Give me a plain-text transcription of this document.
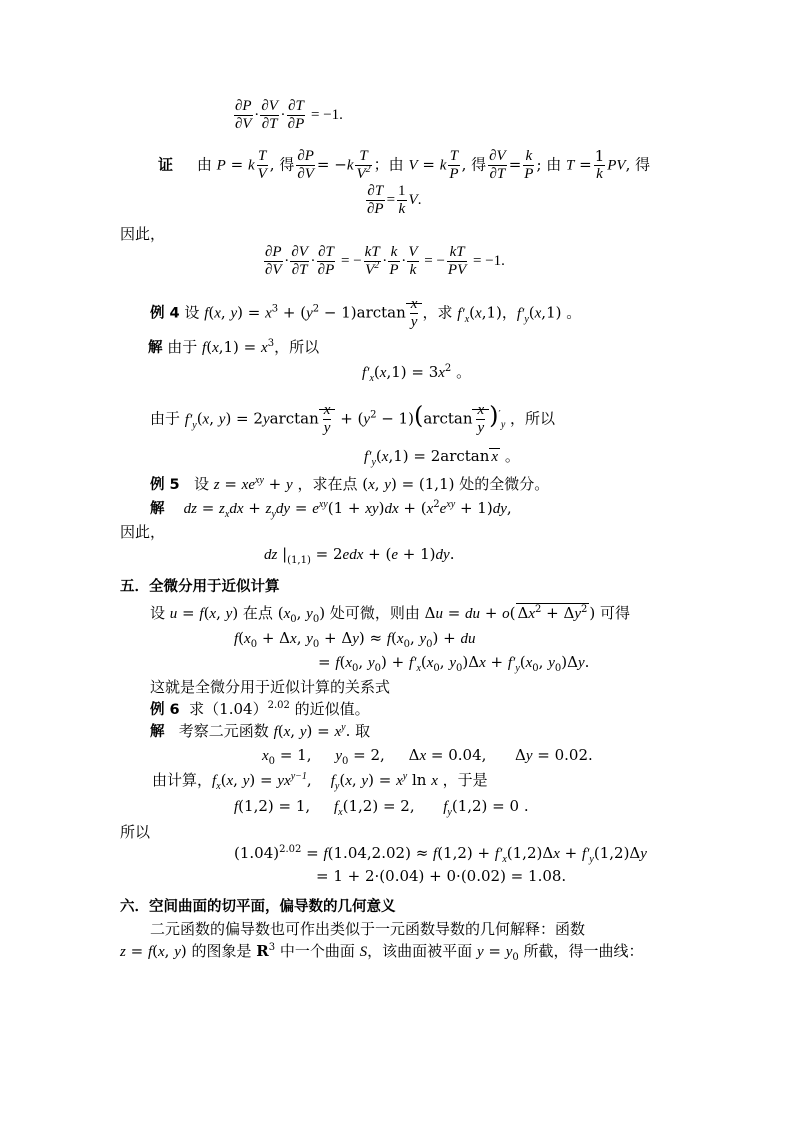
$\frac{\partial P}{\partial V} \cdot \frac{\partial V}{\partial T} \cdot \frac{\partial T}{\partial P} = -1$.
证     由 P = k $\frac{T}{V}$ , 得 $\frac{\partial P}{\partial V} = -k \frac{T}{V^2}$ ；由 V = k $\frac{T}{P}$ , 得 $\frac{\partial V}{\partial T} = \frac{k}{P}$ ; 由 $T = \frac{1}{k}$ PV, 得
$\frac{\partial T}{\partial P} = \frac{1}{k} V$.
因此，
$\frac{\partial P}{\partial V} \cdot \frac{\partial V}{\partial T} \cdot \frac{\partial T}{\partial P}$ = − $\frac{kT}{V^2} \cdot \frac{k}{P} \cdot \frac{V}{k}$ = − $\frac{kT}{PV} = -1$.
例 4 设 f(x, $y) = x^3 + (y^2 - 1)\arctan \frac{x}{y}$ ，求 $f'_x(x,1)$，$f'_y(x,1)$ 。
解 由于 $f(x,1) = x^3$，所以
$f'_x(x,1) = 3x^2$ 。
由于 $f'_y(x$, $y) = 2yarctan \frac{x}{y} + (y^2 - 1)(\arctan \frac{x}{y} )'_y$ ，所以
$f'_y(x,1) = 2\arctan$ x 。
例 5   设 $z = xe^{xy} + y$ ，求在点 (x, y) = (1,1) 处的全微分。
解 dz = $z_xdx + z_ydy = e^{xy}(1 + xy)dx + (x^2e^{xy} + 1)dy$,
因此，
dz $|_{(1,1)} = 2edx + (e + 1)dy$.
五．全微分用于近似计算
设 u = f(x, y) 在点 ($x_0$, $y_0$) 处可微，则由 Δu = du + o( $\Delta x^2 + \Delta y^2$ ) 可得
$f(x_0 + \Delta x$, $y_0 + \Delta y) \approx f(x_0$, $y_0$) + du
= $f(x_0$, $y_0) + f'_x(x_0$, $y_0)\Delta x + f'_y(x_0$, $y_0)\Delta y$.
这就是全微分用于近似计算的关系式
例 6  求$(1.04)^{2.02}$ 的近似值。
解   考察二元函数 f(x, $y) = x^y$. 取
$x_0 = 1$,     $y_0 = 2$,     Δx = 0.04,      Δy = 0.02.
由计算，$f_x(x$, $y) = yx^{y-1}$,    $f_y(x$, $y) = x^y$ ln x ，于是
f(1,2) = 1,     $f_x(1,2) = 2$,      $f_y(1,2) = 0$ .
所以
$(1.04)^{2.02} = f(1.04,2.02) \approx f(1,2) + f'_x(1,2)\Delta x + f'_y(1,2)\Delta y$
= 1 + 2·(0.04) + 0·(0.02) = 1.08.
六．空间曲面的切平面，偏导数的几何意义
二元函数的偏导数也可作出类似于一元函数导数的几何解释：函数
z = f(x, y) 的图象是 $R^3$ 中一个曲面 S，该曲面被平面 $y = y_0$ 所截，得一曲线：
